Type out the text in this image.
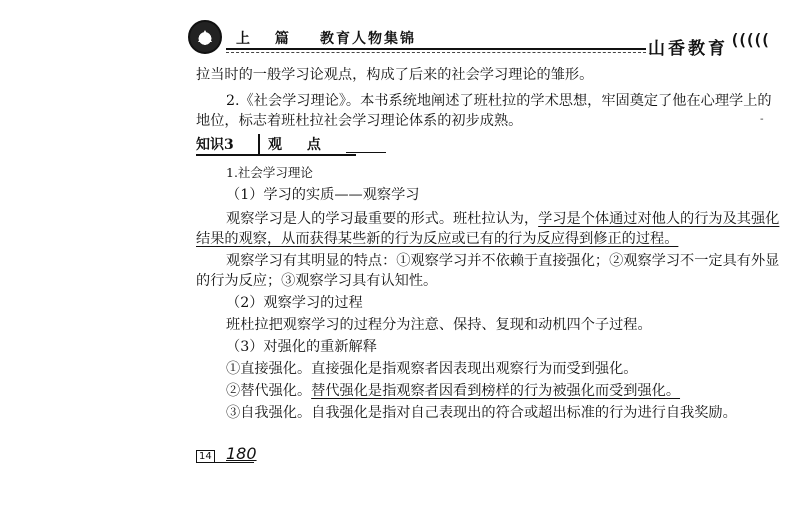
上 篇 教育人物集锦	山香教育 (((((
拉当时的一般学习论观点，构成了后来的社会学习理论的雏形。
2.《社会学习理论》。本书系统地阐述了班杜拉的学术思想，牢固奠定了他在心理学上的
地位，标志着班杜拉社会学习理论体系的初步成熟。	-
知识3 观 点
1.社会学习理论
（1）学习的实质——观察学习
观察学习是人的学习最重要的形式。班杜拉认为，学习是个体通过对他人的行为及其强化
结果的观察，从而获得某些新的行为反应或已有的行为反应得到修正的过程。
观察学习有其明显的特点：①观察学习并不依赖于直接强化；②观察学习不一定具有外显
的行为反应；③观察学习具有认知性。
（2）观察学习的过程
班杜拉把观察学习的过程分为注意、保持、复现和动机四个子过程。
（3）对强化的重新解释
①直接强化。直接强化是指观察者因表现出观察行为而受到强化。
②替代强化。替代强化是指观察者因看到榜样的行为被强化而受到强化。
③自我强化。自我强化是指对自己表现出的符合或超出标准的行为进行自我奖励。
14 180
